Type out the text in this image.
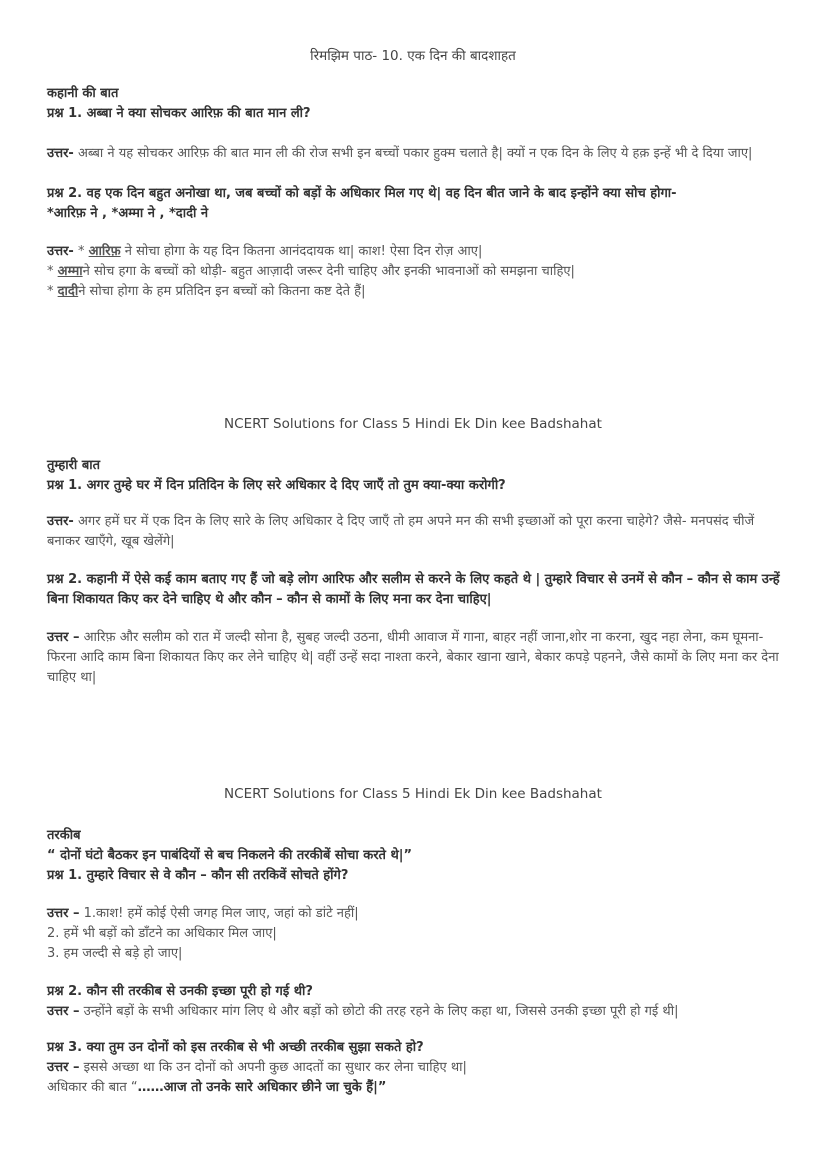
रिमझिम पाठ- 10. एक दिन की बादशाहत

कहानी की बात

प्रश्न 1. अब्बा ने क्या सोचकर आरिफ़ की बात मान ली?

उत्तर- अब्बा ने यह सोचकर आरिफ़ की बात मान ली की रोज सभी इन बच्चों पकार हुक्म चलाते है| क्यों न एक दिन के लिए ये हक़ इन्हें भी दे दिया जाए|

प्रश्न 2. वह एक दिन बहुत अनोखा था, जब बच्चों को बड़ों के अधिकार मिल गए थे| वह दिन बीत जाने के बाद इन्होंने क्या सोच होगा-

*आरिफ़ ने , *अम्मा ने , *दादी ने

उत्तर- * आरिफ़ ने सोचा होगा के यह दिन कितना आनंददायक था| काश! ऐसा दिन रोज़ आए|

* अम्माने सोच हगा के बच्चों को थोड़ी- बहुत आज़ादी जरूर देनी चाहिए और इनकी भावनाओं को समझना चाहिए|

* दादीने सोचा होगा के हम प्रतिदिन इन बच्चों को कितना कष्ट देते हैं|

NCERT Solutions for Class 5 Hindi Ek Din kee Badshahat

तुम्हारी बात

प्रश्न 1. अगर तुम्हे घर में दिन प्रतिदिन के लिए सरे अधिकार दे दिए जाएँ तो तुम क्या-क्या करोगी?

उत्तर- अगर हमें घर में एक दिन के लिए सारे के लिए अधिकार दे दिए जाएँ तो हम अपने मन की सभी इच्छाओं को पूरा करना चाहेगे? जैसे- मनपसंद चीजें बनाकर खाएँगे, खूब खेलेंगे|

प्रश्न 2. कहानी में ऐसे कई काम बताए गए हैं जो बड़े लोग आरिफ और सलीम से करने के लिए कहते थे | तुम्हारे विचार से उनमें से कौन – कौन से काम उन्हें बिना शिकायत किए कर देने चाहिए थे और कौन – कौन से कामों के लिए मना कर देना चाहिए|

उत्तर – आरिफ़ और सलीम को रात में जल्दी सोना है, सुबह जल्दी उठना, धीमी आवाज में गाना, बाहर नहीं जाना,शोर ना करना, खुद नहा लेना, कम घूमना-फिरना आदि काम बिना शिकायत किए कर लेने चाहिए थे| वहीं उन्हें सदा नाश्ता करने, बेकार खाना खाने, बेकार कपड़े पहनने, जैसे कामों के लिए मना कर देना चाहिए था|

NCERT Solutions for Class 5 Hindi Ek Din kee Badshahat

तरकीब

“ दोनों घंटो बैठकर इन पाबंदियों से बच निकलने की तरकीबें सोचा करते थे|”

प्रश्न 1. तुम्हारे विचार से वे कौन – कौन सी तरकिवें सोचते होंगे?

उत्तर – 1.काश! हमें कोई ऐसी जगह मिल जाए, जहां को डांटे नहीं|

2. हमें भी बड़ों को डाँटने का अधिकार मिल जाए|

3. हम जल्दी से बड़े हो जाए|

प्रश्न 2. कौन सी तरकीब से उनकी इच्छा पूरी हो गई थी?

उत्तर – उन्होंने बड़ों के सभी अधिकार मांग लिए थे और बड़ों को छोटो की तरह रहने के लिए कहा था, जिससे उनकी इच्छा पूरी हो गई थी|

प्रश्न 3. क्या तुम उन दोनों को इस तरकीब से भी अच्छी तरकीब सुझा सकते हो?

उत्तर – इससे अच्छा था कि उन दोनों को अपनी कुछ आदतों का सुधार कर लेना चाहिए था|

अधिकार की बात “……आज तो उनके सारे अधिकार छीने जा चुके हैं|”
